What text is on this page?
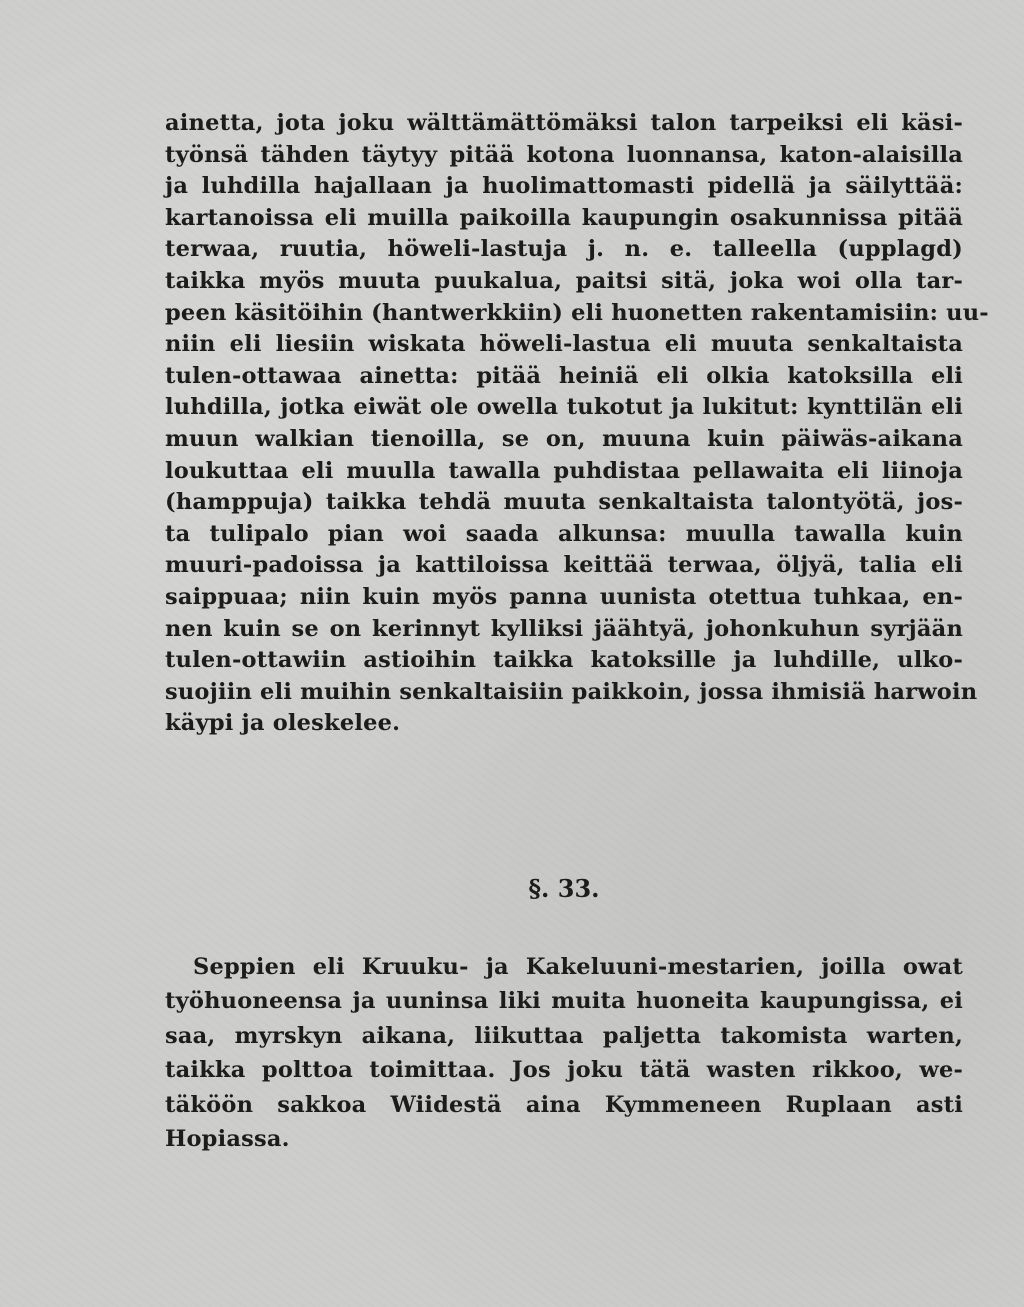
ainetta, jota joku wälttämättömäksi talon tarpeiksi eli käsi-
työnsä tähden täytyy pitää kotona luonnansa, katon-alaisilla
ja luhdilla hajallaan ja huolimattomasti pidellä ja säilyttää:
kartanoissa eli muilla paikoilla kaupungin osakunnissa pitää
terwaa, ruutia, höweli-lastuja j. n. e. talleella (upplagd)
taikka myös muuta puukalua, paitsi sitä, joka woi olla tar-
peen käsitöihin (hantwerkkiin) eli huonetten rakentamisiin: uu-
niin eli liesiin wiskata höweli-lastua eli muuta senkaltaista
tulen-ottawaa ainetta: pitää heiniä eli olkia katoksilla eli
luhdilla, jotka eiwät ole owella tukotut ja lukitut: kynttilän eli
muun walkian tienoilla, se on, muuna kuin päiwäs-aikana
loukuttaa eli muulla tawalla puhdistaa pellawaita eli liinoja
(hamppuja) taikka tehdä muuta senkaltaista talontyötä, jos-
ta tulipalo pian woi saada alkunsa: muulla tawalla kuin
muuri-padoissa ja kattiloissa keittää terwaa, öljyä, talia eli
saippuaa; niin kuin myös panna uunista otettua tuhkaa, en-
nen kuin se on kerinnyt kylliksi jäähtyä, johonkuhun syrjään
tulen-ottawiin astioihin taikka katoksille ja luhdille, ulko-
suojiin eli muihin senkaltaisiin paikkoin, jossa ihmisiä harwoin
käypi ja oleskelee.
§. 33.
Seppien eli Kruuku- ja Kakeluuni-mestarien, joilla owat
työhuoneensa ja uuninsa liki muita huoneita kaupungissa, ei
saa, myrskyn aikana, liikuttaa paljetta takomista warten,
taikka polttoa toimittaa. Jos joku tätä wasten rikkoo, we-
täköön sakkoa Wiidestä aina Kymmeneen Ruplaan asti
Hopiassa.
